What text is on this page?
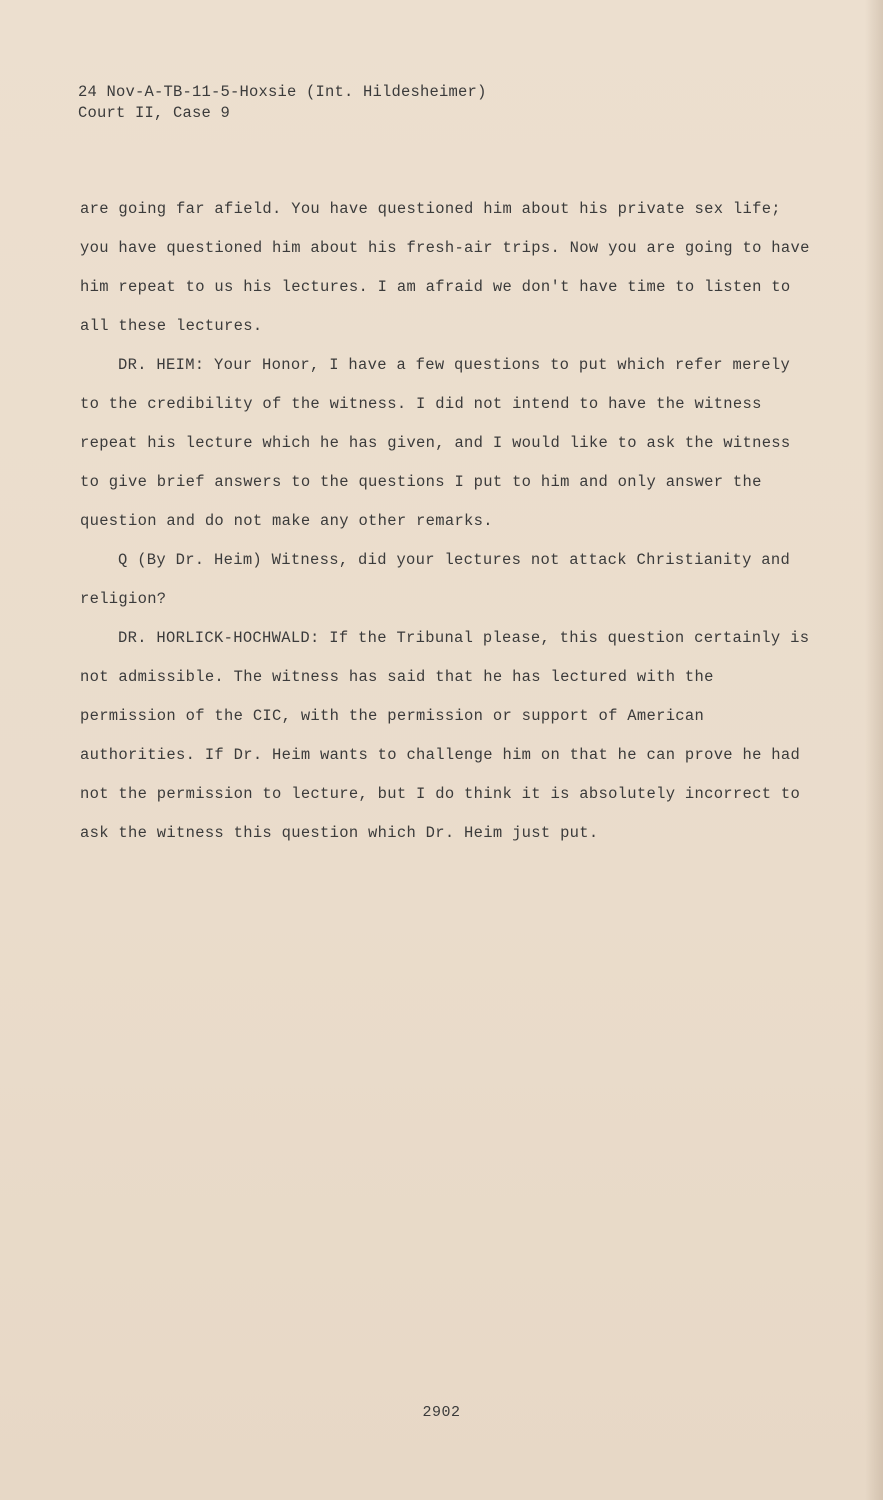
24 Nov-A-TB-11-5-Hoxsie (Int. Hildesheimer)
Court II, Case 9

are going far afield. You have questioned him about his private sex life; you have questioned him about his fresh-air trips. Now you are going to have him repeat to us his lectures. I am afraid we don't have time to listen to all these lectures.

DR. HEIM: Your Honor, I have a few questions to put which refer merely to the credibility of the witness. I did not intend to have the witness repeat his lecture which he has given, and I would like to ask the witness to give brief answers to the questions I put to him and only answer the question and do not make any other remarks.

Q (By Dr. Heim) Witness, did your lectures not attack Christianity and religion?

DR. HORLICK-HOCHWALD: If the Tribunal please, this question certainly is not admissible. The witness has said that he has lectured with the permission of the CIC, with the permission or support of American authorities. If Dr. Heim wants to challenge him on that he can prove he had not the permission to lecture, but I do think it is absolutely incorrect to ask the witness this question which Dr. Heim just put.

2902
